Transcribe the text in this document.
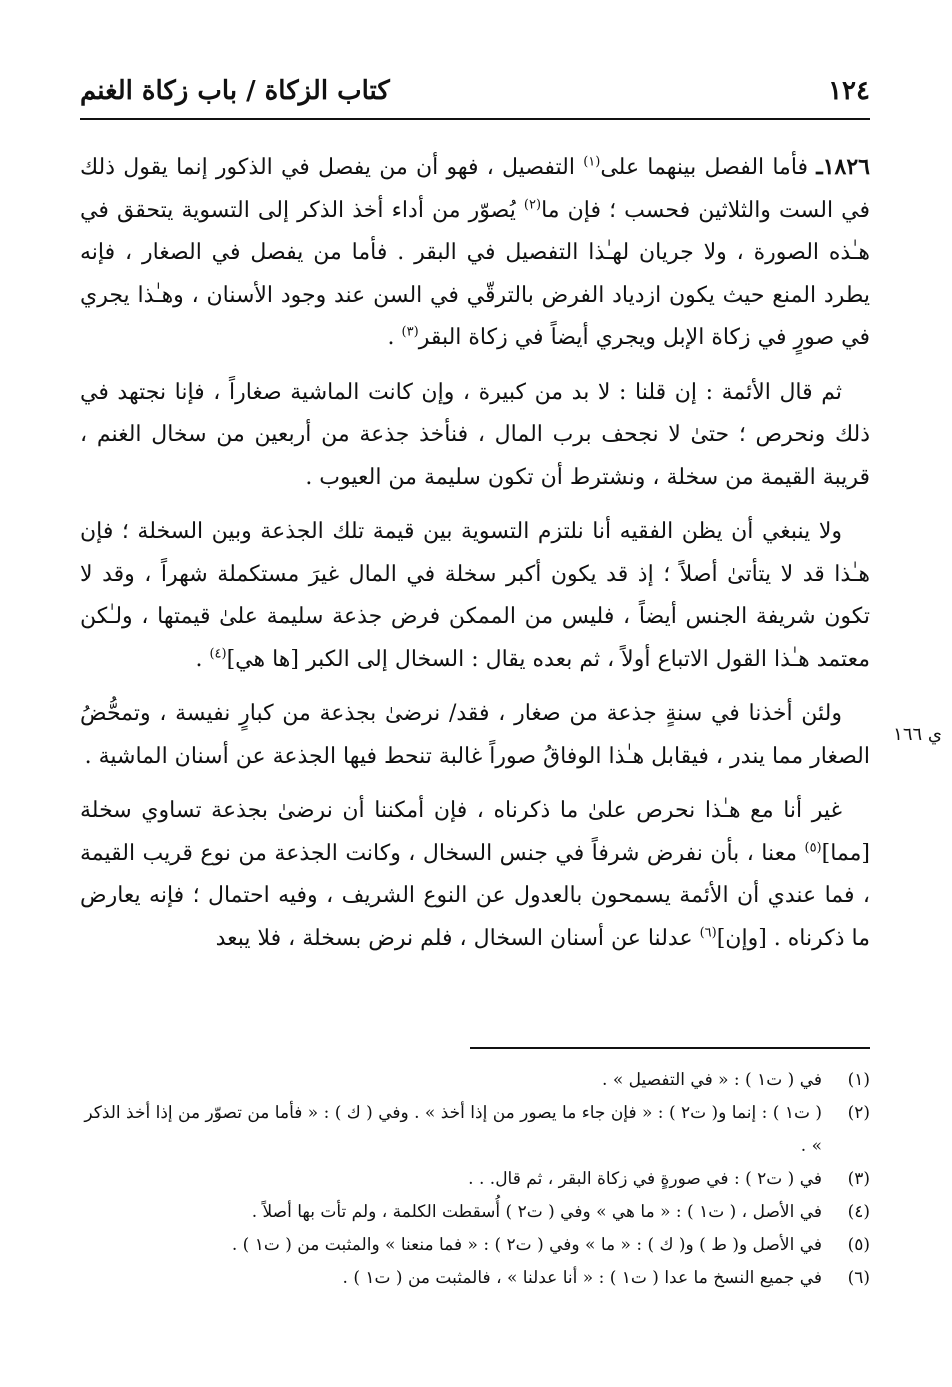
١٢٤
كتاب الزكاة / باب زكاة الغنم
ي ١٦٦

١٨٢٦ـ فأما الفصل بينهما على$^{(١)}$ التفصيل ، فهو أن من يفصل في الذكور إنما يقول ذلك في الست والثلاثين فحسب ؛ فإن ما$^{(٢)}$ يُصوّر من أداء أخذ الذكر إلى التسوية يتحقق في هـٰذه الصورة ، ولا جريان لهـٰذا التفصيل في البقر . فأما من يفصل في الصغار ، فإنه يطرد المنع حيث يكون ازدياد الفرض بالترقّي في السن عند وجود الأسنان ، وهـٰذا يجري في صورٍ في زكاة الإبل ويجري أيضاً في زكاة البقر$^{(٣)}$ .

ثم قال الأئمة : إن قلنا : لا بد من كبيرة ، وإن كانت الماشية صغاراً ، فإنا نجتهد في ذلك ونحرص ؛ حتىٰ لا نجحف برب المال ، فنأخذ جذعة من أربعين من سخال الغنم ، قريبة القيمة من سخلة ، ونشترط أن تكون سليمة من العيوب .

ولا ينبغي أن يظن الفقيه أنا نلتزم التسوية بين قيمة تلك الجذعة وبين السخلة ؛ فإن هـٰذا قد لا يتأتىٰ أصلاً ؛ إذ قد يكون أكبر سخلة في المال غيرَ مستكملة شهراً ، وقد لا تكون شريفة الجنس أيضاً ، فليس من الممكن فرض جذعة سليمة علىٰ قيمتها ، ولـٰكن معتمد هـٰذا القول الاتباع أولاً ، ثم بعده يقال : السخال إلى الكبر [ها هي]$^{(٤)}$ .

ولئن أخذنا في سنةٍ جذعة من صغار ، فقد/ نرضىٰ بجذعة من كبارٍ نفيسة ، وتمحُّضُ الصغار مما يندر ، فيقابل هـٰذا الوفاقُ صوراً غالبة تنحط فيها الجذعة عن أسنان الماشية .

غير أنا مع هـٰذا نحرص علىٰ ما ذكرناه ، فإن أمكننا أن نرضىٰ بجذعة تساوي سخلة [مما]$^{(٥)}$ معنا ، بأن نفرض شرفاً في جنس السخال ، وكانت الجذعة من نوع قريب القيمة ، فما عندي أن الأئمة يسمحون بالعدول عن النوع الشريف ، وفيه احتمال ؛ فإنه يعارض ما ذكرناه . [وإن]$^{(٦)}$ عدلنا عن أسنان السخال ، فلم نرض بسخلة ، فلا يبعد

(١)
في ( ت١ ) : « في التفصيل » .
(٢)
( ت١ ) : إنما و( ت٢ ) : « فإن جاء ما يصور من إذا أخذ » . وفي ( ك ) : « فأما من تصوّر من إذا أخذ الذكر » .
(٣)
في ( ت٢ ) : في صورةٍ في زكاة البقر ، ثم قال. . .
(٤)
في الأصل ، ( ت١ ) : « ما هي » وفي ( ت٢ ) أُسقطت الكلمة ، ولم تأت بها أصلاً .
(٥)
في الأصل و( ط ) و( ك ) : « ما » وفي ( ت٢ ) : « فما منعنا » والمثبت من ( ت١ ) .
(٦)
في جميع النسخ ما عدا ( ت١ ) : « أنا عدلنا » ، فالمثبت من ( ت١ ) .
